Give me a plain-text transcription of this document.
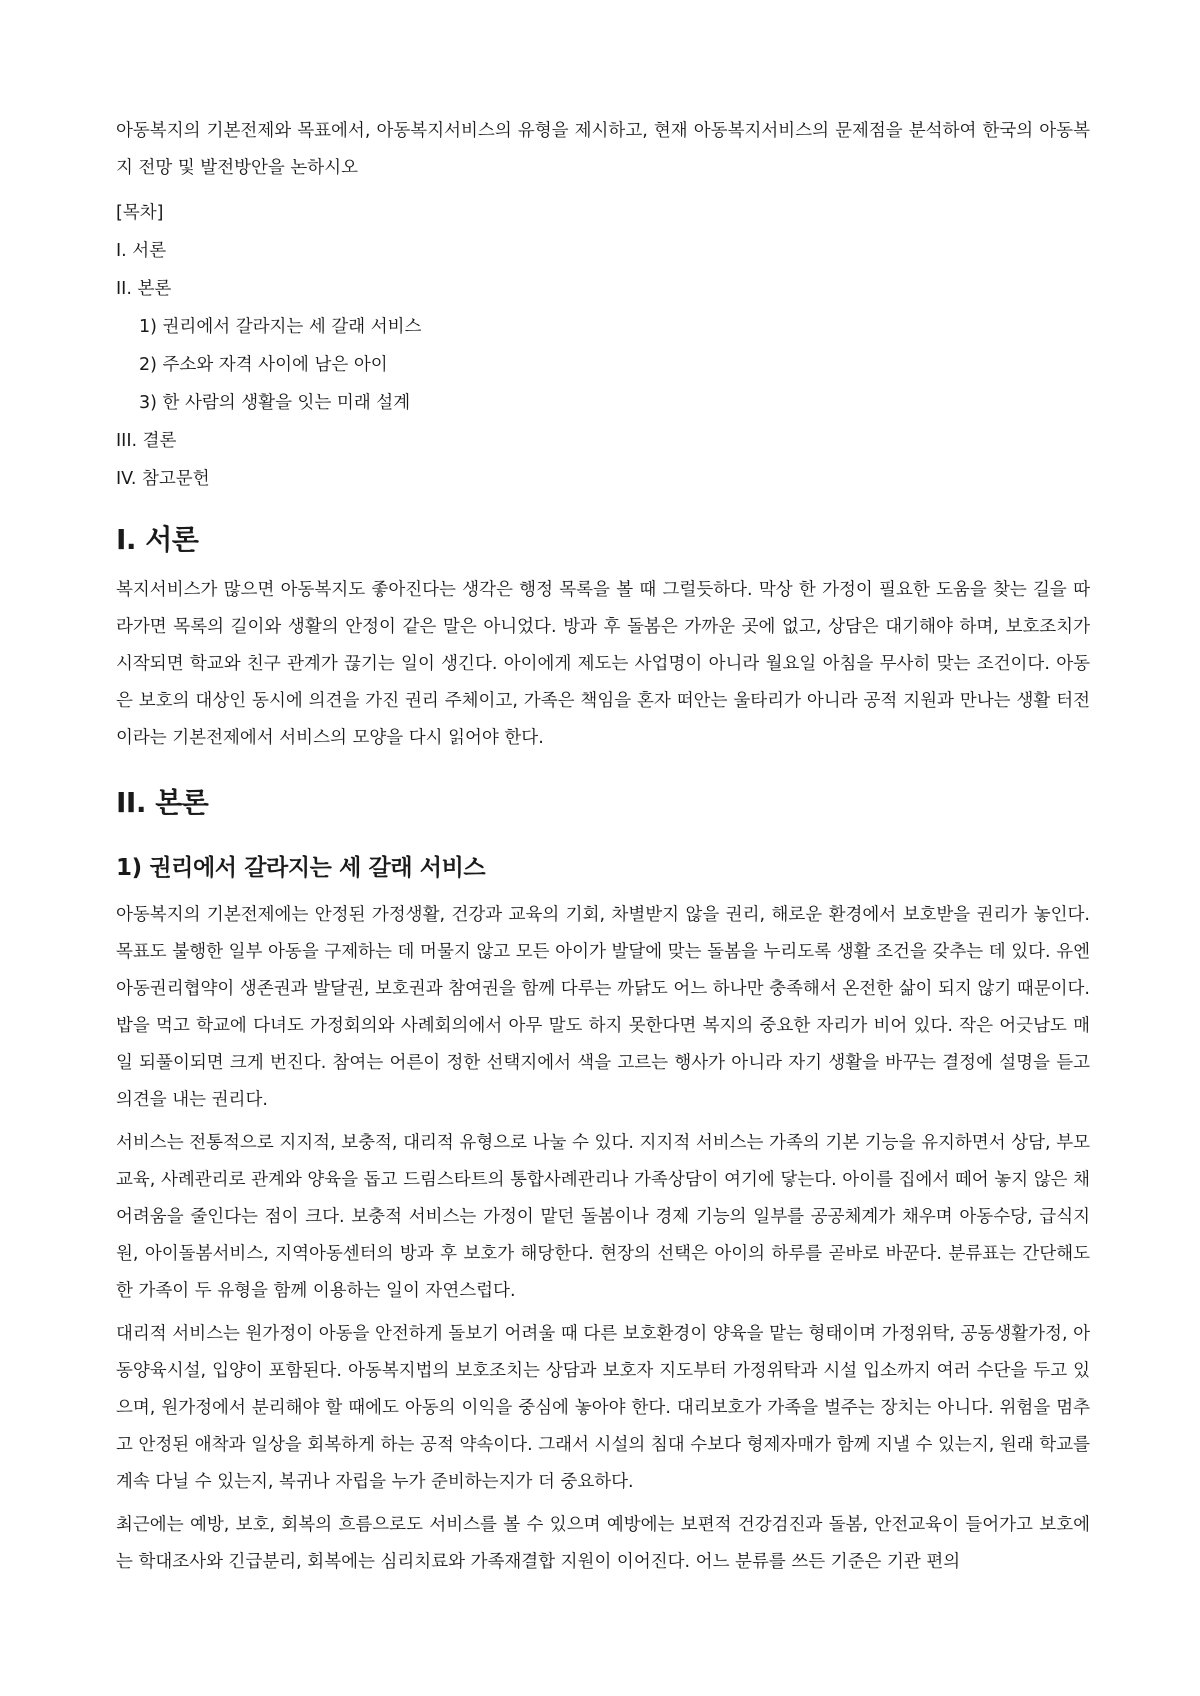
아동복지의 기본전제와 목표에서, 아동복지서비스의 유형을 제시하고, 현재 아동복지서비스의 문제점을 분석하여 한국의 아동복지 전망 및 발전방안을 논하시오

[목차]

I. 서론

II. 본론

1) 권리에서 갈라지는 세 갈래 서비스

2) 주소와 자격 사이에 남은 아이

3) 한 사람의 생활을 잇는 미래 설계

III. 결론

IV. 참고문헌

I. 서론

복지서비스가 많으면 아동복지도 좋아진다는 생각은 행정 목록을 볼 때 그럴듯하다. 막상 한 가정이 필요한 도움을 찾는 길을 따라가면 목록의 길이와 생활의 안정이 같은 말은 아니었다. 방과 후 돌봄은 가까운 곳에 없고, 상담은 대기해야 하며, 보호조치가 시작되면 학교와 친구 관계가 끊기는 일이 생긴다. 아이에게 제도는 사업명이 아니라 월요일 아침을 무사히 맞는 조건이다. 아동은 보호의 대상인 동시에 의견을 가진 권리 주체이고, 가족은 책임을 혼자 떠안는 울타리가 아니라 공적 지원과 만나는 생활 터전이라는 기본전제에서 서비스의 모양을 다시 읽어야 한다.

II. 본론
1) 권리에서 갈라지는 세 갈래 서비스

아동복지의 기본전제에는 안정된 가정생활, 건강과 교육의 기회, 차별받지 않을 권리, 해로운 환경에서 보호받을 권리가 놓인다. 목표도 불행한 일부 아동을 구제하는 데 머물지 않고 모든 아이가 발달에 맞는 돌봄을 누리도록 생활 조건을 갖추는 데 있다. 유엔아동권리협약이 생존권과 발달권, 보호권과 참여권을 함께 다루는 까닭도 어느 하나만 충족해서 온전한 삶이 되지 않기 때문이다. 밥을 먹고 학교에 다녀도 가정회의와 사례회의에서 아무 말도 하지 못한다면 복지의 중요한 자리가 비어 있다. 작은 어긋남도 매일 되풀이되면 크게 번진다. 참여는 어른이 정한 선택지에서 색을 고르는 행사가 아니라 자기 생활을 바꾸는 결정에 설명을 듣고 의견을 내는 권리다.

서비스는 전통적으로 지지적, 보충적, 대리적 유형으로 나눌 수 있다. 지지적 서비스는 가족의 기본 기능을 유지하면서 상담, 부모교육, 사례관리로 관계와 양육을 돕고 드림스타트의 통합사례관리나 가족상담이 여기에 닿는다. 아이를 집에서 떼어 놓지 않은 채 어려움을 줄인다는 점이 크다. 보충적 서비스는 가정이 맡던 돌봄이나 경제 기능의 일부를 공공체계가 채우며 아동수당, 급식지원, 아이돌봄서비스, 지역아동센터의 방과 후 보호가 해당한다. 현장의 선택은 아이의 하루를 곧바로 바꾼다. 분류표는 간단해도 한 가족이 두 유형을 함께 이용하는 일이 자연스럽다.

대리적 서비스는 원가정이 아동을 안전하게 돌보기 어려울 때 다른 보호환경이 양육을 맡는 형태이며 가정위탁, 공동생활가정, 아동양육시설, 입양이 포함된다. 아동복지법의 보호조치는 상담과 보호자 지도부터 가정위탁과 시설 입소까지 여러 수단을 두고 있으며, 원가정에서 분리해야 할 때에도 아동의 이익을 중심에 놓아야 한다. 대리보호가 가족을 벌주는 장치는 아니다. 위험을 멈추고 안정된 애착과 일상을 회복하게 하는 공적 약속이다. 그래서 시설의 침대 수보다 형제자매가 함께 지낼 수 있는지, 원래 학교를 계속 다닐 수 있는지, 복귀나 자립을 누가 준비하는지가 더 중요하다.

최근에는 예방, 보호, 회복의 흐름으로도 서비스를 볼 수 있으며 예방에는 보편적 건강검진과 돌봄, 안전교육이 들어가고 보호에는 학대조사와 긴급분리, 회복에는 심리치료와 가족재결합 지원이 이어진다. 어느 분류를 쓰든 기준은 기관 편의
